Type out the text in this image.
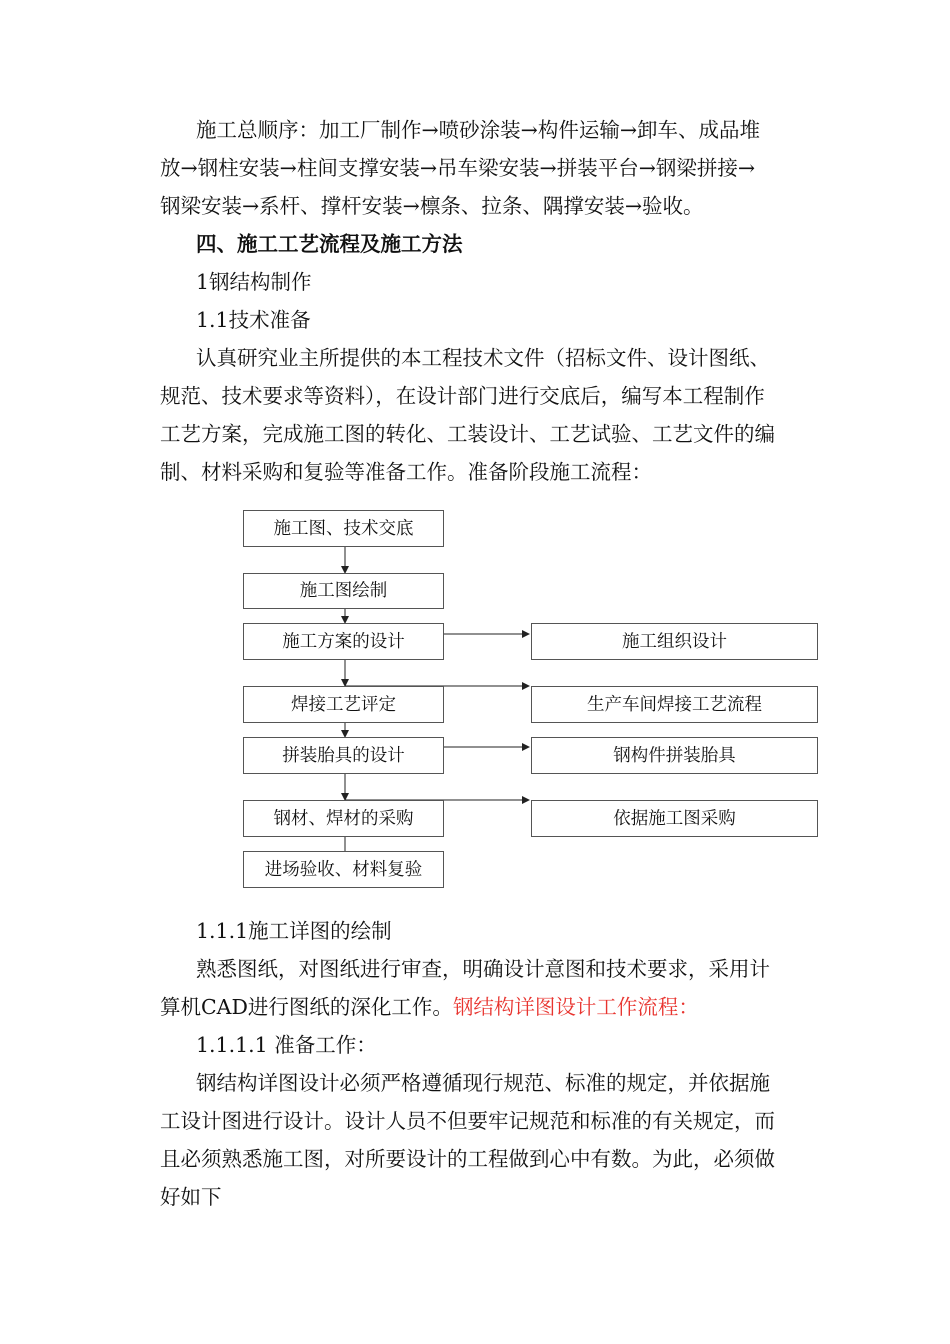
施工总顺序：加工厂制作→喷砂涂装→构件运输→卸车、成品堆
放→钢柱安装→柱间支撑安装→吊车梁安装→拼装平台→钢梁拼接→
钢梁安装→系杆、撑杆安装→檩条、拉条、隅撑安装→验收。
四、施工工艺流程及施工方法
1钢结构制作
1.1技术准备
认真研究业主所提供的本工程技术文件（招标文件、设计图纸、
规范、技术要求等资料），在设计部门进行交底后，编写本工程制作
工艺方案，完成施工图的转化、工装设计、工艺试验、工艺文件的编
制、材料采购和复验等准备工作。准备阶段施工流程：
施工图、技术交底
施工图绘制
施工方案的设计
焊接工艺评定
拼装胎具的设计
钢材、焊材的采购
进场验收、材料复验
施工组织设计
生产车间焊接工艺流程
钢构件拼装胎具
依据施工图采购
1.1.1施工详图的绘制
熟悉图纸，对图纸进行审查，明确设计意图和技术要求，采用计
算机CAD进行图纸的深化工作。钢结构详图设计工作流程：
1.1.1.1 准备工作：
钢结构详图设计必须严格遵循现行规范、标准的规定，并依据施
工设计图进行设计。设计人员不但要牢记规范和标准的有关规定，而
且必须熟悉施工图，对所要设计的工程做到心中有数。为此，必须做
好如下
